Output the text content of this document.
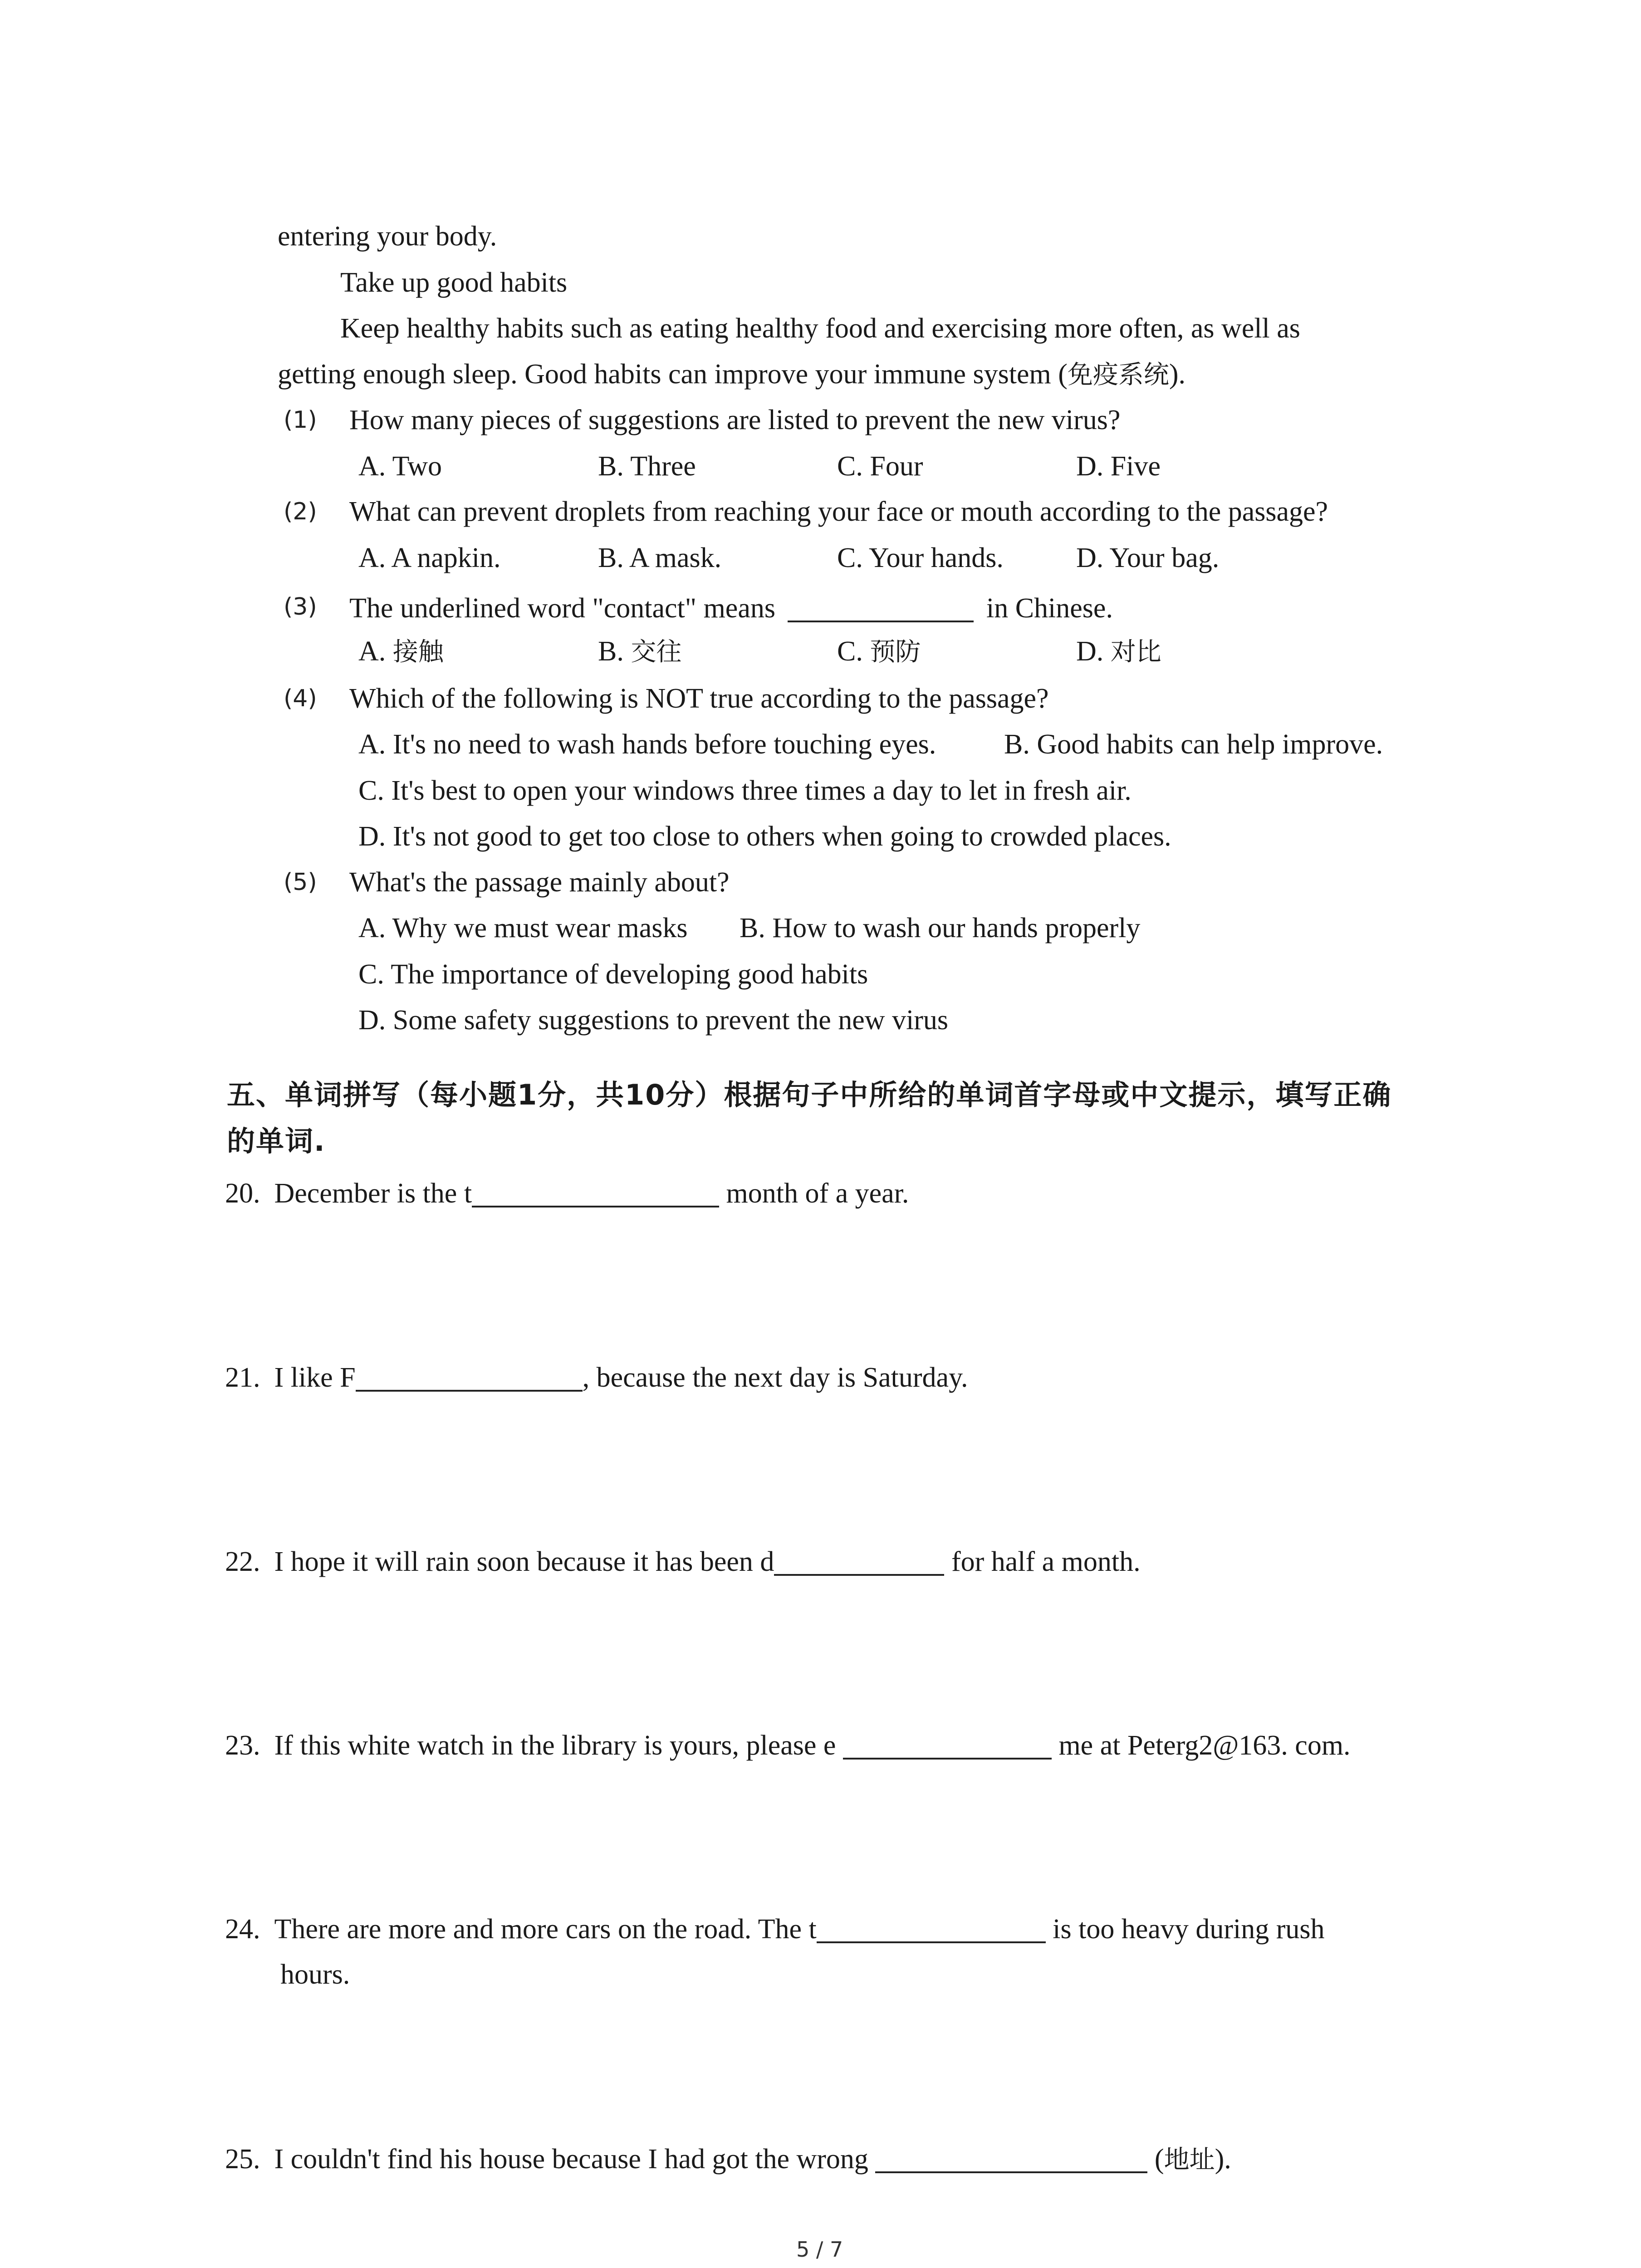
entering your body.
Take up good habits
Keep healthy habits such as eating healthy food and exercising more often, as well as
getting enough sleep. Good habits can improve your immune system (免疫系统).
(1) How many pieces of suggestions are listed to prevent the new virus?
A. Two	B. Three	C. Four	D. Five
(2) What can prevent droplets from reaching your face or mouth according to the passage?
A. A napkin.	B. A mask.	C. Your hands.	D. Your bag.
(3) The underlined word "contact" means	in Chinese.
A. 接触	B. 交往	C. 预防	D. 对比
(4) Which of the following is NOT true according to the passage?
A. It's no need to wash hands before touching eyes. B. Good habits can help improve.
C. It's best to open your windows three times a day to let in fresh air.
D. It's not good to get too close to others when going to crowded places.
(5) What's the passage mainly about?
A. Why we must wear masks B. How to wash our hands properly
C. The importance of developing good habits
D. Some safety suggestions to prevent the new virus
五、单词拼写（每小题1分，共10分）根据句子中所给的单词首字母或中文提示，填写正确
的单词.
20. December is the t	month of a year.
21. I like F	, because the next day is Saturday.
22. I hope it will rain soon because it has been d	for half a month.
23. If this white watch in the library is yours, please e	me at Peterg2@163. com.
24. There are more and more cars on the road. The t	is too heavy during rush
hours.
25. I couldn't find his house because I had got the wrong	(地址).
5 / 7
